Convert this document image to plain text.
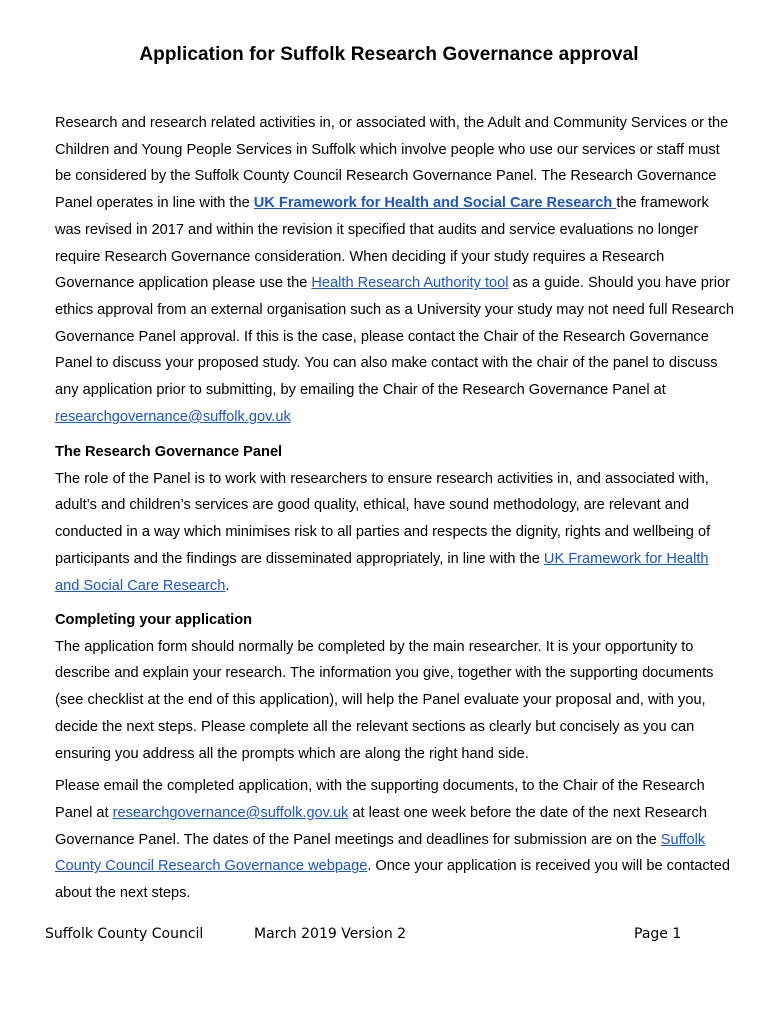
Application for Suffolk Research Governance approval

Research and research related activities in, or associated with, the Adult and Community Services or the Children and Young People Services in Suffolk which involve people who use our services or staff must be considered by the Suffolk County Council Research Governance Panel. The Research Governance Panel operates in line with the UK Framework for Health and Social Care Research the framework was revised in 2017 and within the revision it specified that audits and service evaluations no longer require Research Governance consideration. When deciding if your study requires a Research Governance application please use the Health Research Authority tool as a guide. Should you have prior ethics approval from an external organisation such as a University your study may not need full Research Governance Panel approval. If this is the case, please contact the Chair of the Research Governance Panel to discuss your proposed study. You can also make contact with the chair of the panel to discuss any application prior to submitting, by emailing the Chair of the Research Governance Panel at researchgovernance@suffolk.gov.uk

The Research Governance Panel

The role of the Panel is to work with researchers to ensure research activities in, and associated with, adult’s and children’s services are good quality, ethical, have sound methodology, are relevant and conducted in a way which minimises risk to all parties and respects the dignity, rights and wellbeing of participants and the findings are disseminated appropriately, in line with the UK Framework for Health and Social Care Research.

Completing your application

The application form should normally be completed by the main researcher. It is your opportunity to describe and explain your research. The information you give, together with the supporting documents (see checklist at the end of this application), will help the Panel evaluate your proposal and, with you, decide the next steps. Please complete all the relevant sections as clearly but concisely as you can ensuring you address all the prompts which are along the right hand side.

Please email the completed application, with the supporting documents, to the Chair of the Research Panel at researchgovernance@suffolk.gov.uk at least one week before the date of the next Research Governance Panel. The dates of the Panel meetings and deadlines for submission are on the Suffolk County Council Research Governance webpage. Once your application is received you will be contacted about the next steps.

Suffolk County Council	March 2019 Version 2	Page 1
